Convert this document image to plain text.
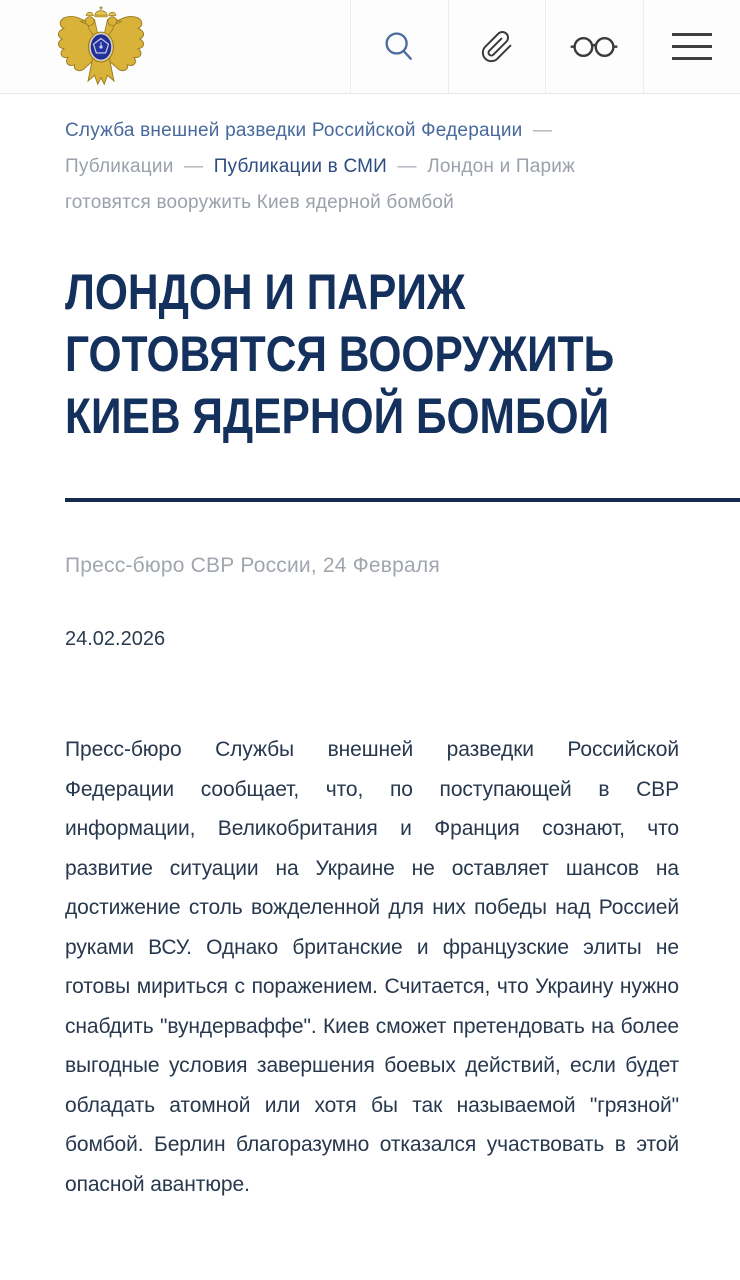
Служба внешней разведки Российской Федерации — Публикации — Публикации в СМИ — Лондон и Париж готовятся вооружить Киев ядерной бомбой
ЛОНДОН И ПАРИЖ
ГОТОВЯТСЯ ВООРУЖИТЬ
КИЕВ ЯДЕРНОЙ БОМБОЙ
Пресс-бюро СВР России, 24 Февраля
24.02.2026

Пресс-бюро Службы внешней разведки Российской Федерации сообщает, что, по поступающей в СВР информации, Великобритания и Франция сознают, что развитие ситуации на Украине не оставляет шансов на достижение столь вожделенной для них победы над Россией руками ВСУ. Однако британские и французские элиты не готовы мириться с поражением. Считается, что Украину нужно снабдить "вундерваффе". Киев сможет претендовать на более выгодные условия завершения боевых действий, если будет обладать атомной или хотя бы так называемой "грязной" бомбой. Берлин благоразумно отказался участвовать в этой опасной авантюре.
